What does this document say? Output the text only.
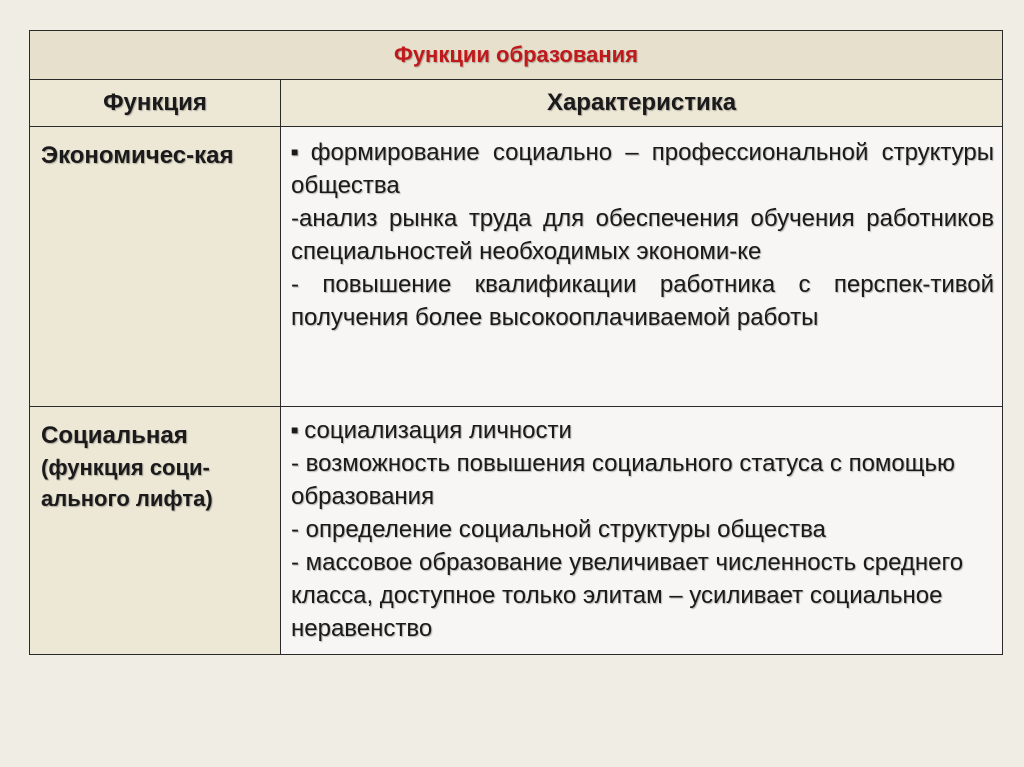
Функции образования	
Функция	Характеристика

Экономичес-кая	■ формирование социально – профессиональной структуры общества
-анализ рынка труда для обеспечения обучения работников специальностей необходимых экономи-ке
- повышение квалификации работника с перспек-тивой получения более высокооплачиваемой работы

Социальная
(функция соци-ального лифта)	■ социализация личности
- возможность повышения социального статуса с помощью образования
- определение социальной структуры общества
- массовое образование увеличивает численность среднего класса, доступное только элитам – усиливает социальное неравенство
